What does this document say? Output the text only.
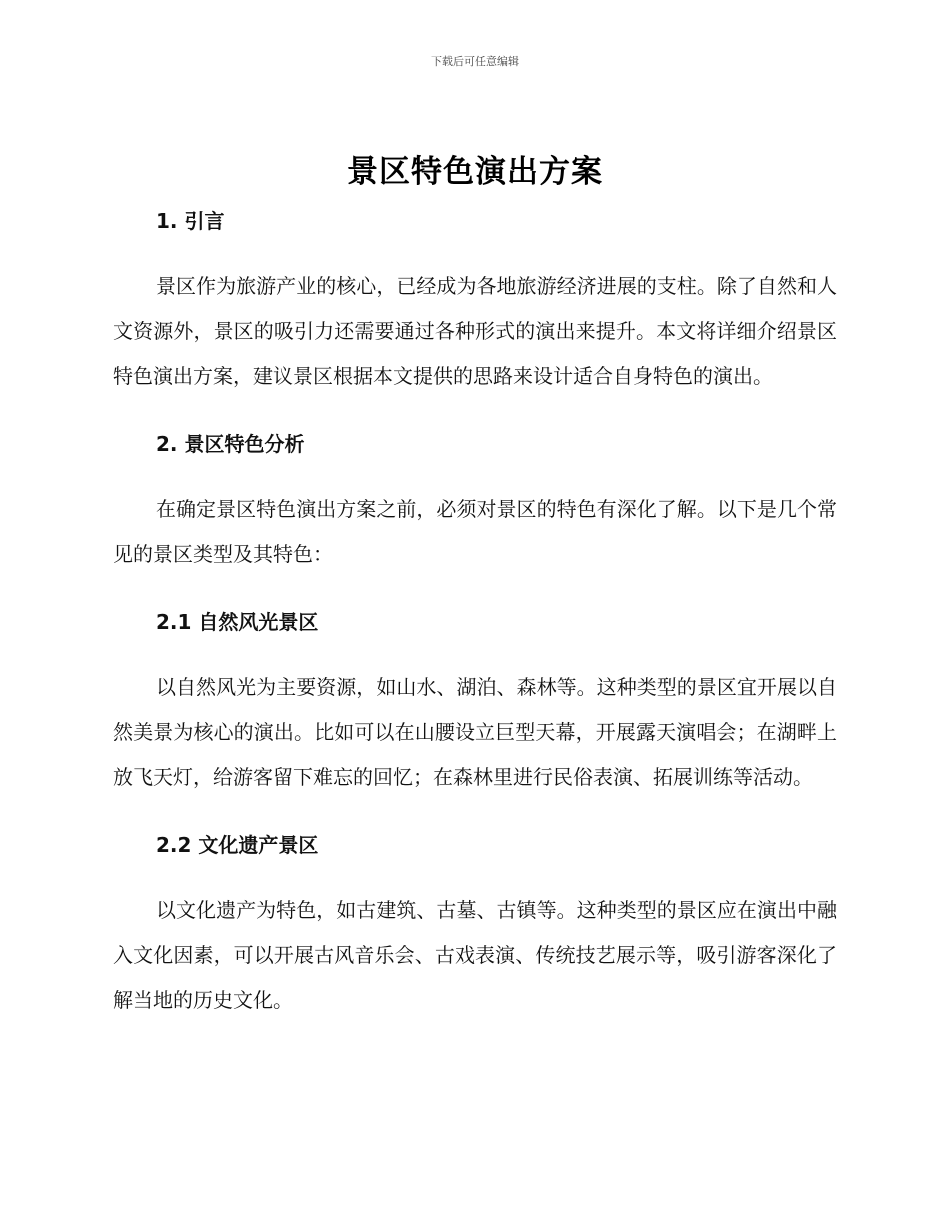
下载后可任意编辑
景区特色演出方案
1. 引言

景区作为旅游产业的核心，已经成为各地旅游经济进展的支柱。除了自然和人文资源外，景区的吸引力还需要通过各种形式的演出来提升。本文将详细介绍景区特色演出方案，建议景区根据本文提供的思路来设计适合自身特色的演出。

2. 景区特色分析

在确定景区特色演出方案之前，必须对景区的特色有深化了解。以下是几个常见的景区类型及其特色：

2.1 自然风光景区

以自然风光为主要资源，如山水、湖泊、森林等。这种类型的景区宜开展以自然美景为核心的演出。比如可以在山腰设立巨型天幕，开展露天演唱会；在湖畔上放飞天灯，给游客留下难忘的回忆；在森林里进行民俗表演、拓展训练等活动。

2.2 文化遗产景区

以文化遗产为特色，如古建筑、古墓、古镇等。这种类型的景区应在演出中融入文化因素，可以开展古风音乐会、古戏表演、传统技艺展示等，吸引游客深化了解当地的历史文化。
